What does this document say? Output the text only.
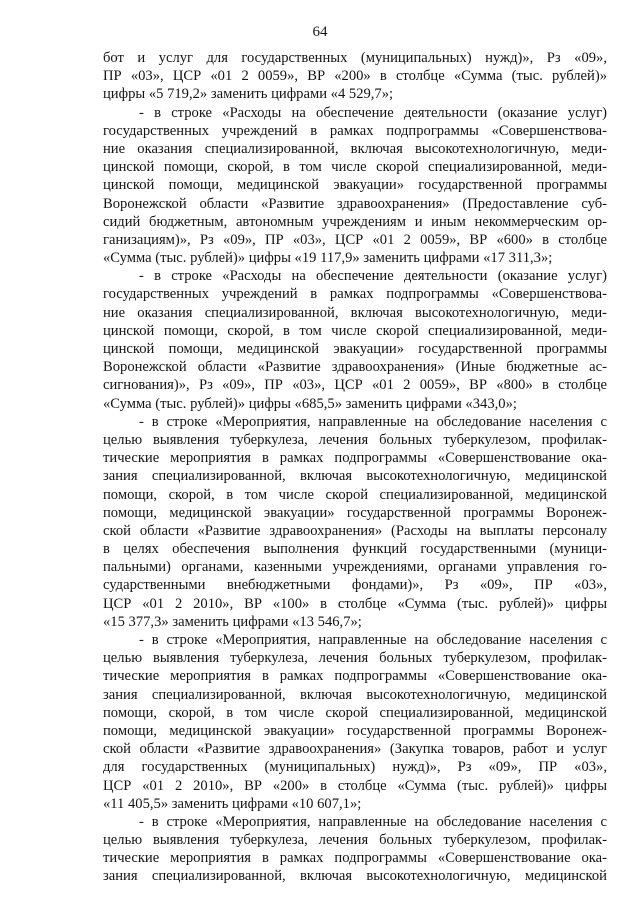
64
бот и услуг для государственных (муниципальных) нужд)», Рз «09»,
ПР «03», ЦСР «01 2 0059», ВР «200» в столбце «Сумма (тыс. рублей)»
цифры «5 719,2» заменить цифрами «4 529,7»;
- в строке «Расходы на обеспечение деятельности (оказание услуг)
государственных учреждений в рамках подпрограммы «Совершенствова-
ние оказания специализированной, включая высокотехнологичную, меди-
цинской помощи, скорой, в том числе скорой специализированной, меди-
цинской помощи, медицинской эвакуации» государственной программы
Воронежской области «Развитие здравоохранения» (Предоставление суб-
сидий бюджетным, автономным учреждениям и иным некоммерческим ор-
ганизациям)», Рз «09», ПР «03», ЦСР «01 2 0059», ВР «600» в столбце
«Сумма (тыс. рублей)» цифры «19 117,9» заменить цифрами «17 311,3»;
- в строке «Расходы на обеспечение деятельности (оказание услуг)
государственных учреждений в рамках подпрограммы «Совершенствова-
ние оказания специализированной, включая высокотехнологичную, меди-
цинской помощи, скорой, в том числе скорой специализированной, меди-
цинской помощи, медицинской эвакуации» государственной программы
Воронежской области «Развитие здравоохранения» (Иные бюджетные ас-
сигнования)», Рз «09», ПР «03», ЦСР «01 2 0059», ВР «800» в столбце
«Сумма (тыс. рублей)» цифры «685,5» заменить цифрами «343,0»;
- в строке «Мероприятия, направленные на обследование населения с
целью выявления туберкулеза, лечения больных туберкулезом, профилак-
тические мероприятия в рамках подпрограммы «Совершенствование ока-
зания специализированной, включая высокотехнологичную, медицинской
помощи, скорой, в том числе скорой специализированной, медицинской
помощи, медицинской эвакуации» государственной программы Воронеж-
ской области «Развитие здравоохранения» (Расходы на выплаты персоналу
в целях обеспечения выполнения функций государственными (муници-
пальными) органами, казенными учреждениями, органами управления го-
сударственными внебюджетными фондами)», Рз «09», ПР «03»,
ЦСР «01 2 2010», ВР «100» в столбце «Сумма (тыс. рублей)» цифры
«15 377,3» заменить цифрами «13 546,7»;
- в строке «Мероприятия, направленные на обследование населения с
целью выявления туберкулеза, лечения больных туберкулезом, профилак-
тические мероприятия в рамках подпрограммы «Совершенствование ока-
зания специализированной, включая высокотехнологичную, медицинской
помощи, скорой, в том числе скорой специализированной, медицинской
помощи, медицинской эвакуации» государственной программы Воронеж-
ской области «Развитие здравоохранения» (Закупка товаров, работ и услуг
для государственных (муниципальных) нужд)», Рз «09», ПР «03»,
ЦСР «01 2 2010», ВР «200» в столбце «Сумма (тыс. рублей)» цифры
«11 405,5» заменить цифрами «10 607,1»;
- в строке «Мероприятия, направленные на обследование населения с
целью выявления туберкулеза, лечения больных туберкулезом, профилак-
тические мероприятия в рамках подпрограммы «Совершенствование ока-
зания специализированной, включая высокотехнологичную, медицинской
